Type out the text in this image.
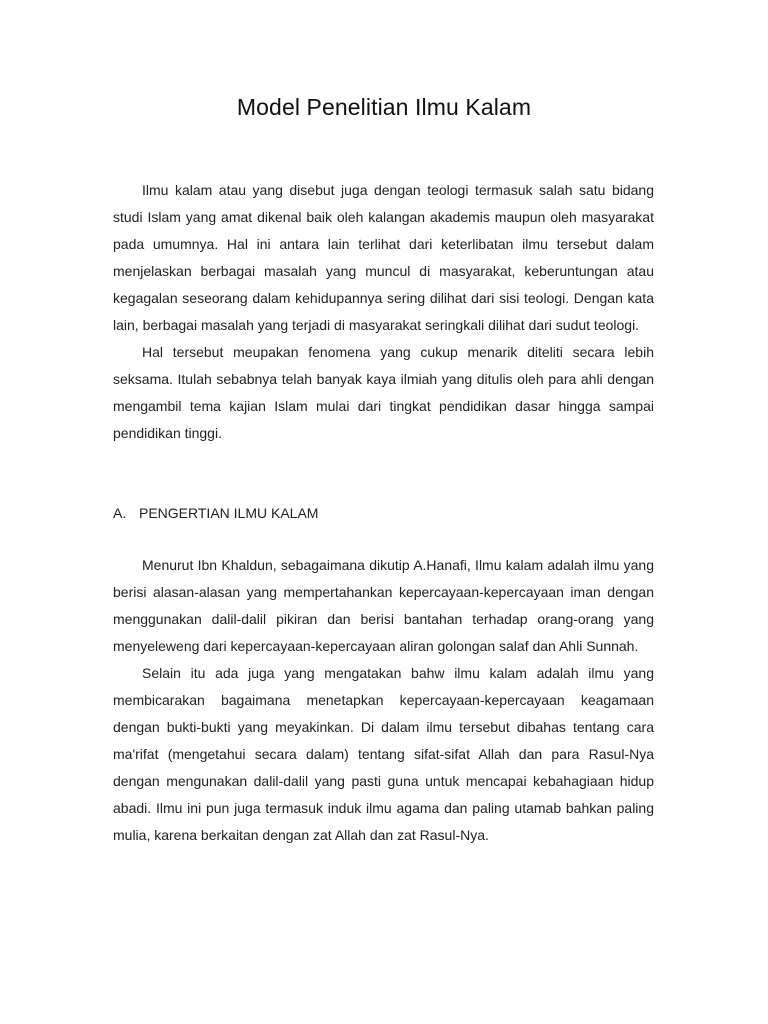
Model Penelitian Ilmu Kalam

Ilmu kalam atau yang disebut juga dengan teologi termasuk salah satu bidang studi Islam yang amat dikenal baik oleh kalangan akademis maupun oleh masyarakat pada umumnya. Hal ini antara lain terlihat dari keterlibatan ilmu tersebut dalam menjelaskan berbagai masalah yang muncul di masyarakat, keberuntungan atau kegagalan seseorang dalam kehidupannya sering dilihat dari sisi teologi. Dengan kata lain, berbagai masalah yang terjadi di masyarakat seringkali dilihat dari sudut teologi.

Hal tersebut meupakan fenomena yang cukup menarik diteliti secara lebih seksama. Itulah sebabnya telah banyak kaya ilmiah yang ditulis oleh para ahli dengan mengambil tema kajian Islam mulai dari tingkat pendidikan dasar hingga sampai pendidikan tinggi.

A. PENGERTIAN ILMU KALAM

Menurut Ibn Khaldun, sebagaimana dikutip A.Hanafi, Ilmu kalam adalah ilmu yang berisi alasan-alasan yang mempertahankan kepercayaan-kepercayaan iman dengan menggunakan dalil-dalil pikiran dan berisi bantahan terhadap orang-orang yang menyeleweng dari kepercayaan-kepercayaan aliran golongan salaf dan Ahli Sunnah.

Selain itu ada juga yang mengatakan bahw ilmu kalam adalah ilmu yang membicarakan bagaimana menetapkan kepercayaan-kepercayaan keagamaan dengan bukti-bukti yang meyakinkan. Di dalam ilmu tersebut dibahas tentang cara ma'rifat (mengetahui secara dalam) tentang sifat-sifat Allah dan para Rasul-Nya dengan mengunakan dalil-dalil yang pasti guna untuk mencapai kebahagiaan hidup abadi. Ilmu ini pun juga termasuk induk ilmu agama dan paling utamab bahkan paling mulia, karena berkaitan dengan zat Allah dan zat Rasul-Nya.
